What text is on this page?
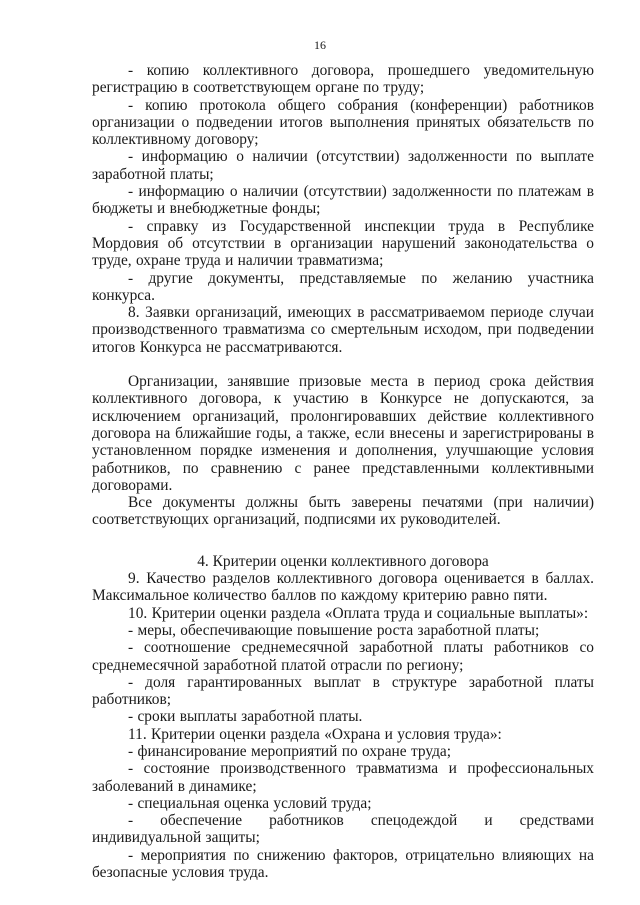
16

- копию коллективного договора, прошедшего уведомительную регистрацию в соответствующем органе по труду;

- копию протокола общего собрания (конференции) работников организации о подведении итогов выполнения принятых обязательств по коллективному договору;

- информацию о наличии (отсутствии) задолженности по выплате заработной платы;

- информацию о наличии (отсутствии) задолженности по платежам в бюджеты и внебюджетные фонды;

- справку из Государственной инспекции труда в Республике Мордовия об отсутствии в организации нарушений законодательства о труде, охране труда и наличии травматизма;

- другие документы, представляемые по желанию участника конкурса.

8. Заявки организаций, имеющих в рассматриваемом периоде случаи производственного травматизма со смертельным исходом, при подведении итогов Конкурса не рассматриваются.

Организации, занявшие призовые места в период срока действия коллективного договора, к участию в Конкурсе не допускаются, за исключением организаций, пролонгировавших действие коллективного договора на ближайшие годы, а также, если внесены и зарегистрированы в установленном порядке изменения и дополнения, улучшающие условия работников, по сравнению с ранее представленными коллективными договорами.

Все документы должны быть заверены печатями (при наличии) соответствующих организаций, подписями их руководителей.

4. Критерии оценки коллективного договора

9. Качество разделов коллективного договора оценивается в баллах. Максимальное количество баллов по каждому критерию равно пяти.

10. Критерии оценки раздела «Оплата труда и социальные выплаты»:

- меры, обеспечивающие повышение роста заработной платы;

- соотношение среднемесячной заработной платы работников со среднемесячной заработной платой отрасли по региону;

- доля гарантированных выплат в структуре заработной платы работников;

- сроки выплаты заработной платы.

11. Критерии оценки раздела «Охрана и условия труда»:

- финансирование мероприятий по охране труда;

- состояние производственного травматизма и профессиональных заболеваний в динамике;

- специальная оценка условий труда;

- обеспечение работников спецодеждой и средствами индивидуальной защиты;

- мероприятия по снижению факторов, отрицательно влияющих на безопасные условия труда.
